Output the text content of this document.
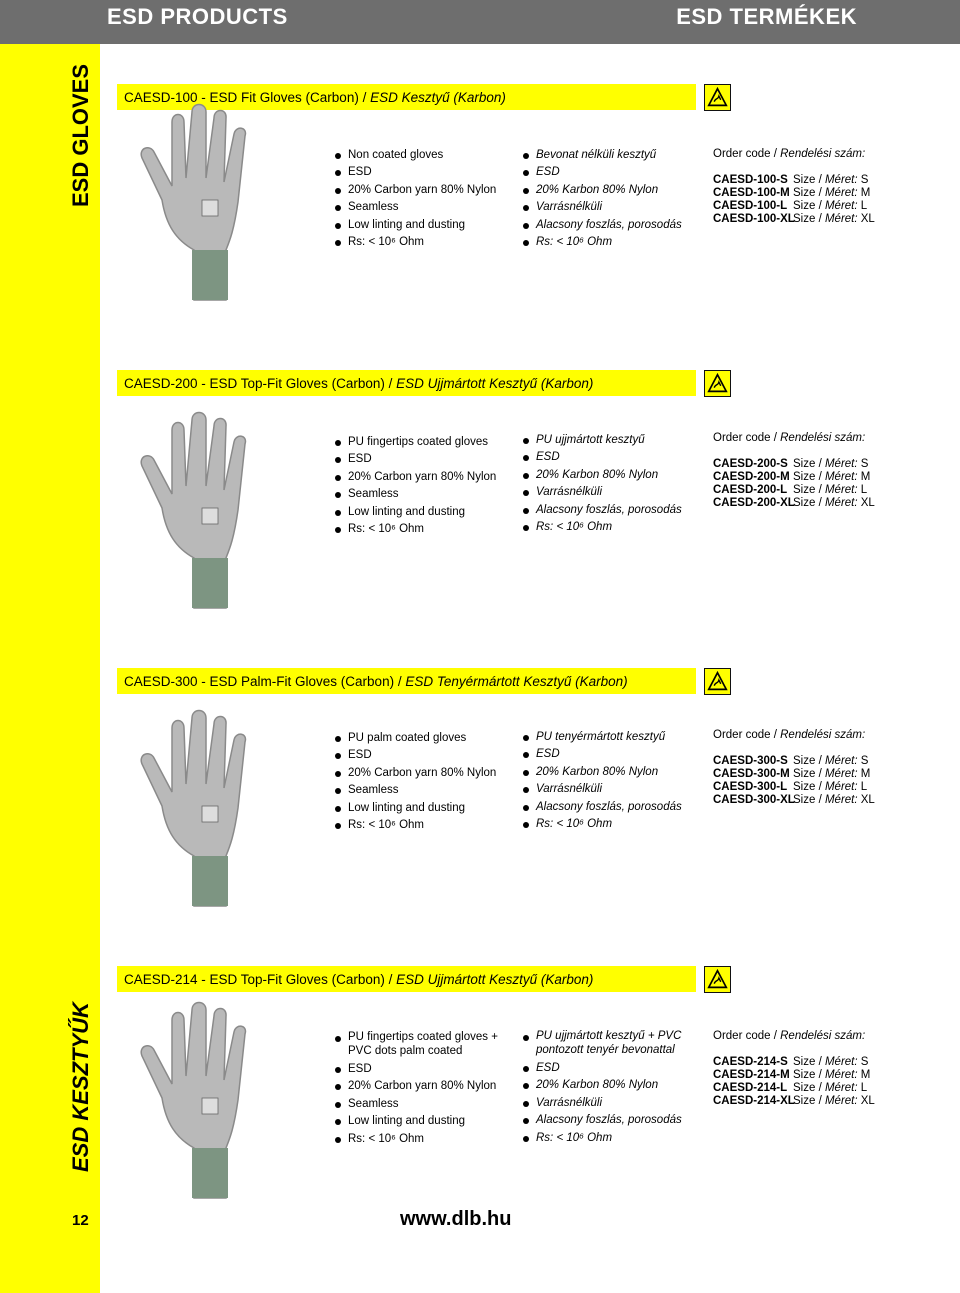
ESD PRODUCTS	ESD TERMÉKEK
ESD GLOVES
ESD KESZTYŰK
CAESD-100 - ESD Fit Gloves (Carbon) / ESD Kesztyű (Karbon)
Non coated gloves
ESD
20% Carbon yarn 80% Nylon
Seamless
Low linting and dusting
Rs: < 10⁶ Ohm
Bevonat nélküli kesztyű
ESD
20% Karbon 80% Nylon
Varrásnélküli
Alacsony foszlás, porosodás
Rs: < 10⁶ Ohm
Order code / Rendelési szám:
CAESD-100-S Size / Méret: S
CAESD-100-M Size / Méret: M
CAESD-100-L Size / Méret: L
CAESD-100-XLSize / Méret: XL
CAESD-200 - ESD Top-Fit Gloves (Carbon) / ESD Ujjmártott Kesztyű (Karbon)
PU fingertips coated gloves
ESD
20% Carbon yarn 80% Nylon
Seamless
Low linting and dusting
Rs: < 10⁶ Ohm
PU ujjmártott kesztyű
ESD
20% Karbon 80% Nylon
Varrásnélküli
Alacsony foszlás, porosodás
Rs: < 10⁶ Ohm
Order code / Rendelési szám:
CAESD-200-S Size / Méret: S
CAESD-200-M Size / Méret: M
CAESD-200-L Size / Méret: L
CAESD-200-XLSize / Méret: XL
CAESD-300 - ESD Palm-Fit Gloves (Carbon) / ESD Tenyérmártott Kesztyű (Karbon)
PU palm coated gloves
ESD
20% Carbon yarn 80% Nylon
Seamless
Low linting and dusting
Rs: < 10⁶ Ohm
PU tenyérmártott kesztyű
ESD
20% Karbon 80% Nylon
Varrásnélküli
Alacsony foszlás, porosodás
Rs: < 10⁶ Ohm
Order code / Rendelési szám:
CAESD-300-S Size / Méret: S
CAESD-300-M Size / Méret: M
CAESD-300-L Size / Méret: L
CAESD-300-XLSize / Méret: XL
CAESD-214 - ESD Top-Fit Gloves (Carbon) / ESD Ujjmártott Kesztyű (Karbon)
PU fingertips coated gloves + PVC dots palm coated
ESD
20% Carbon yarn 80% Nylon
Seamless
Low linting and dusting
Rs: < 10⁶ Ohm
PU ujjmártott kesztyű + PVC pontozott tenyér bevonattal
ESD
20% Karbon 80% Nylon
Varrásnélküli
Alacsony foszlás, porosodás
Rs: < 10⁶ Ohm
Order code / Rendelési szám:
CAESD-214-S Size / Méret: S
CAESD-214-M Size / Méret: M
CAESD-214-L Size / Méret: L
CAESD-214-XLSize / Méret: XL
12	www.dlb.hu
